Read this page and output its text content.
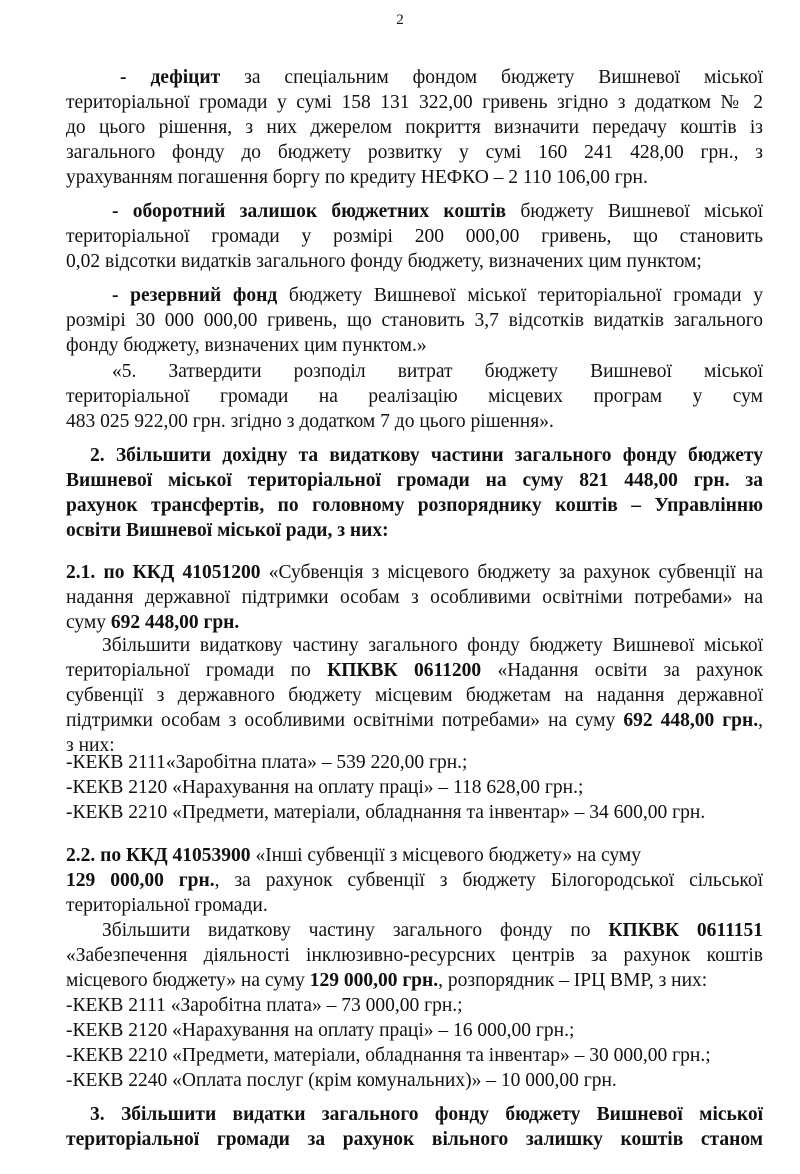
2
- дефіцит за спеціальним фондом бюджету Вишневої міської
територіальної громади у сумі 158 131 322,00 гривень згідно з додатком № 2
до цього рішення, з них джерелом покриття визначити передачу коштів із
загального фонду до бюджету розвитку у сумі 160 241 428,00 грн., з
урахуванням погашення боргу по кредиту НЕФКО – 2 110 106,00 грн.
- оборотний залишок бюджетних коштів бюджету Вишневої міської
територіальної громади у розмірі 200 000,00 гривень, що становить
0,02 відсотки видатків загального фонду бюджету, визначених цим пунктом;
- резервний фонд бюджету Вишневої міської територіальної громади у
розмірі 30 000 000,00 гривень, що становить 3,7 відсотків видатків загального
фонду бюджету, визначених цим пунктом.»
«5. Затвердити розподіл витрат бюджету Вишневої міської
територіальної громади на реалізацію місцевих програм у сум
483 025 922,00 грн. згідно з додатком 7 до цього рішення».
2. Збільшити дохідну та видаткову частини загального фонду бюджету
Вишневої міської територіальної громади на суму 821 448,00 грн. за
рахунок трансфертів, по головному розпоряднику коштів – Управлінню
освіти Вишневої міської ради, з них:
2.1. по ККД 41051200 «Субвенція з місцевого бюджету за рахунок субвенції на
надання державної підтримки особам з особливими освітніми потребами» на
суму 692 448,00 грн.
Збільшити видаткову частину загального фонду бюджету Вишневої міської
територіальної громади по КПКВК 0611200 «Надання освіти за рахунок
субвенції з державного бюджету місцевим бюджетам на надання державної
підтримки особам з особливими освітніми потребами» на суму 692 448,00 грн.,
з них:
-КЕКВ 2111«Заробітна плата» – 539 220,00 грн.;
-КЕКВ 2120 «Нарахування на оплату праці» – 118 628,00 грн.;
-КЕКВ 2210 «Предмети, матеріали, обладнання та інвентар» – 34 600,00 грн.
2.2. по ККД 41053900 «Інші субвенції з місцевого бюджету» на суму
129 000,00 грн., за рахунок субвенції з бюджету Білогородської сільської
територіальної громади.
Збільшити видаткову частину загального фонду по КПКВК 0611151
«Забезпечення діяльності інклюзивно-ресурсних центрів за рахунок коштів
місцевого бюджету» на суму 129 000,00 грн., розпорядник – ІРЦ ВМР, з них:
-КЕКВ 2111 «Заробітна плата» – 73 000,00 грн.;
-КЕКВ 2120 «Нарахування на оплату праці» – 16 000,00 грн.;
-КЕКВ 2210 «Предмети, матеріали, обладнання та інвентар» – 30 000,00 грн.;
-КЕКВ 2240 «Оплата послуг (крім комунальних)» – 10 000,00 грн.
3. Збільшити видатки загального фонду бюджету Вишневої міської
територіальної громади за рахунок вільного залишку коштів станом
